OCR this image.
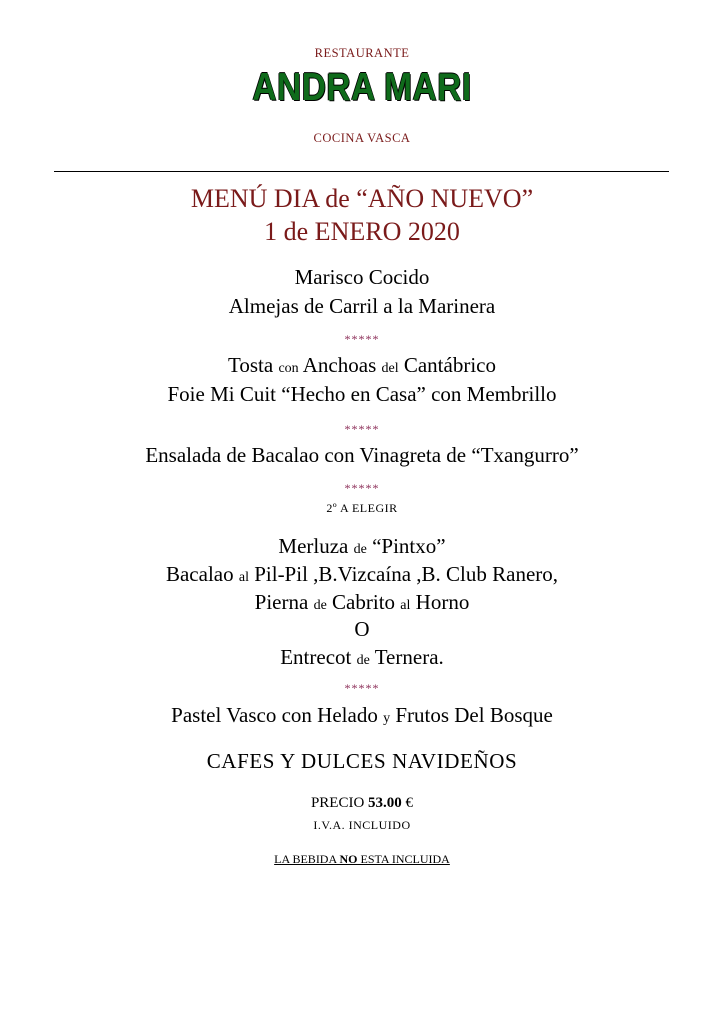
RESTAURANTE
ANDRA MARI
COCINA VASCA
MENÚ DIA de “AÑO NUEVO”
1 de ENERO 2020
Marisco Cocido
Almejas de Carril a la Marinera
*****
Tosta con Anchoas del Cantábrico
Foie Mi Cuit “Hecho en Casa” con Membrillo
*****
Ensalada de Bacalao con Vinagreta de “Txangurro”
*****
2º A ELEGIR
Merluza de “Pintxo”
Bacalao al Pil-Pil ,B.Vizcaína ,B. Club Ranero,
Pierna de Cabrito al Horno
O
Entrecot de Ternera.
*****
Pastel Vasco con Helado y Frutos Del Bosque
CAFES Y DULCES NAVIDEÑOS
PRECIO 53.00 €
I.V.A. INCLUIDO
LA BEBIDA NO ESTA INCLUIDA
